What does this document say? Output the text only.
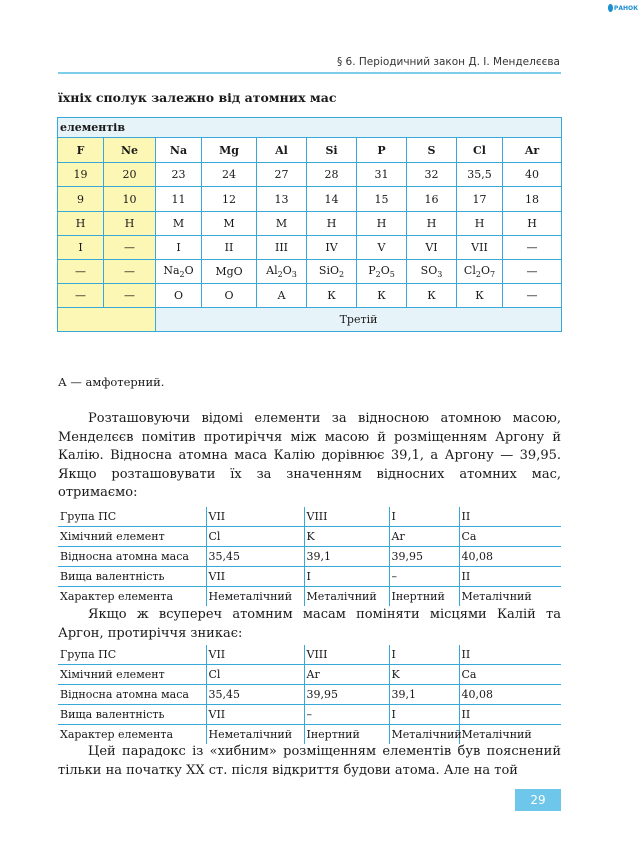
РАНОК
§ 6. Періодичний закон Д. І. Менделєєва
їхніх сполук залежно від атомних мас
елементів									
F	Ne	Na	Mg	Al	Si	P	S	Cl	Ar
19	20	23	24	27	28	31	32	35,5	40
9	10	11	12	13	14	15	16	17	18
Н	Н	М	М	М	Н	Н	Н	Н	Н
I	—	I	II	III	IV	V	VI	VII	—
—	—	$Na_2O$	MgO	$Al_2O_3$	SiO$_2$	$P_2O_5$	$SO_3$	$Cl_2O_7$	—
—	—	О	О	А	К	К	К	К	—
		Третій							
А — амфотерний.

Розташовуючи відомі елементи за відносною атомною масою, Менделєєв помітив протиріччя між масою й розміщенням Аргону й Калію. Відносна атомна маса Калію дорівнює 39,1, а Аргону — 39,95. Якщо розташовувати їх за значенням відносних атомних мас, отримаємо:

Група ПС	VII	VIII	I	II
Хімічний елемент	Cl	K	Ar	Ca
Відносна атомна маса	35,45	39,1	39,95	40,08
Вища валентність	VII	I	–	II
Характер елемента	Неметалічний	Металічний	Інертний	Металічний

Якщо ж всупереч атомним масам поміняти місцями Калій та Аргон, протиріччя зникає:

Група ПС	VII	VIII	I	II
Хімічний елемент	Cl	Ar	K	Ca
Відносна атомна маса	35,45	39,95	39,1	40,08
Вища валентність	VII	–	I	II
Характер елемента	Неметалічний	Інертний	Металічний	Металічний

Цей парадокс із «хибним» розміщенням елементів був пояснений тільки на початку XX ст. після відкриття будови атома. Але на той

29
